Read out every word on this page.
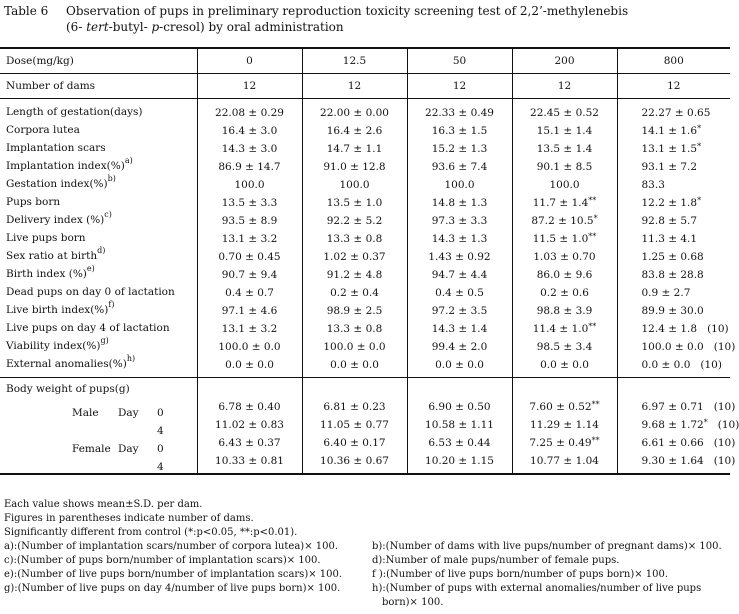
Table 6 Observation of pups in preliminary reproduction toxicity screening test of 2,2’-methylenebis
(6- tert-butyl- p-cresol) by oral administration
Dose(mg/kg)	0	12.5	50	200	800
Number of dams	12	12	12	12	12

Length of gestation(days)	22.08 ± 0.29	22.00 ± 0.00	22.33 ± 0.49	22.45 ± 0.52	22.27 ± 0.65
Corpora lutea	16.4 ± 3.0	16.4 ± 2.6	16.3 ± 1.5	15.1 ± 1.4	14.1 ± 1.6*
Implantation scars	14.3 ± 3.0	14.7 ± 1.1	15.2 ± 1.3	13.5 ± 1.4	13.1 ± 1.5*
Implantation index(%)$^{a)}$	86.9 ± 14.7	91.0 ± 12.8	93.6 ± 7.4	90.1 ± 8.5	93.1 ± 7.2
Gestation index(%)$^{b)}$	100.0	100.0	100.0	100.0	83.3
Pups born	13.5 ± 3.3	13.5 ± 1.0	14.8 ± 1.3	11.7 ± 1.4**	12.2 ± 1.8*
Delivery index (%)$^{c)}$	93.5 ± 8.9	92.2 ± 5.2	97.3 ± 3.3	87.2 ± 10.5*	92.8 ± 5.7
Live pups born	13.1 ± 3.2	13.3 ± 0.8	14.3 ± 1.3	11.5 ± 1.0**	11.3 ± 4.1
Sex ratio at birth$^{d)}$	0.70 ± 0.45	1.02 ± 0.37	1.43 ± 0.92	1.03 ± 0.70	1.25 ± 0.68
Birth index (%)$^{e)}$	90.7 ± 9.4	91.2 ± 4.8	94.7 ± 4.4	86.0 ± 9.6	83.8 ± 28.8
Dead pups on day 0 of lactation	0.4 ± 0.7	0.2 ± 0.4	0.4 ± 0.5	0.2 ± 0.6	0.9 ± 2.7
Live birth index(%)$^{f)}$	97.1 ± 4.6	98.9 ± 2.5	97.2 ± 3.5	98.8 ± 3.9	89.9 ± 30.0
Live pups on day 4 of lactation	13.1 ± 3.2	13.3 ± 0.8	14.3 ± 1.4	11.4 ± 1.0**	12.4 ± 1.8 (10)
Viability index(%)$^{g)}$	100.0 ± 0.0	100.0 ± 0.0	99.4 ± 2.0	98.5 ± 3.4	100.0 ± 0.0 (10)
External anomalies(%)$^{h)}$	0.0 ± 0.0	0.0 ± 0.0	0.0 ± 0.0	0.0 ± 0.0	0.0 ± 0.0 (10)

Body weight of pups(g)					

Male Day 0	6.78 ± 0.40	6.81 ± 0.23	6.90 ± 0.50	7.60 ± 0.52**	6.97 ± 0.71 (10)

4	11.02 ± 0.83	11.05 ± 0.77	10.58 ± 1.11	11.29 ± 1.14	9.68 ± 1.72* (10)

Female Day 0	6.43 ± 0.37	6.40 ± 0.17	6.53 ± 0.44	7.25 ± 0.49**	6.61 ± 0.66 (10)

4	10.33 ± 0.81	10.36 ± 0.67	10.20 ± 1.15	10.77 ± 1.04	9.30 ± 1.64 (10)

Each value shows mean±S.D. per dam.
Figures in parentheses indicate number of dams.
Significantly different from control (*:p<0.05, **:p<0.01).
a):(Number of implantation scars/number of corpora lutea)× 100.
c):(Number of pups born/number of implantation scars)× 100.
e):(Number of live pups born/number of implantation scars)× 100.
g):(Number of live pups on day 4/number of live pups born)× 100.
b):(Number of dams with live pups/number of pregnant dams)× 100.
d):Number of male pups/number of female pups.
f ):(Number of live pups born/number of pups born)× 100.
h):(Number of pups with external anomalies/number of live pups born)× 100.
